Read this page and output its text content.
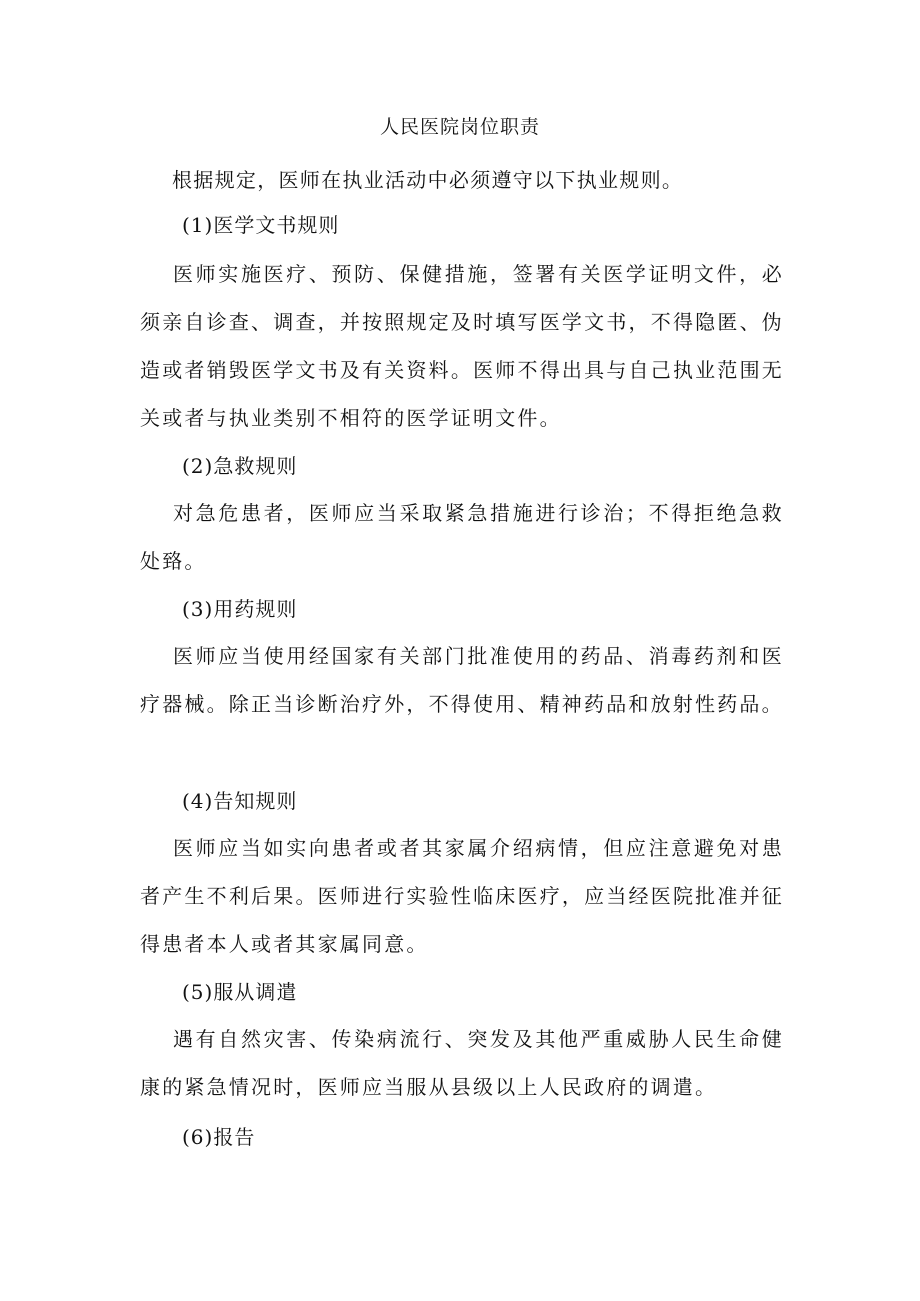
人民医院岗位职责
根据规定，医师在执业活动中必须遵守以下执业规则。
(1)医学文书规则
医师实施医疗、预防、保健措施，签署有关医学证明文件，必须亲自诊查、调查，并按照规定及时填写医学文书，不得隐匿、伪造或者销毁医学文书及有关资料。医师不得出具与自己执业范围无关或者与执业类别不相符的医学证明文件。
(2)急救规则
对急危患者，医师应当采取紧急措施进行诊治；不得拒绝急救处臵。
(3)用药规则
医师应当使用经国家有关部门批准使用的药品、消毒药剂和医疗器械。除正当诊断治疗外，不得使用、精神药品和放射性药品。
(4)告知规则
医师应当如实向患者或者其家属介绍病情，但应注意避免对患者产生不利后果。医师进行实验性临床医疗，应当经医院批准并征得患者本人或者其家属同意。
(5)服从调遣
遇有自然灾害、传染病流行、突发及其他严重威胁人民生命健康的紧急情况时，医师应当服从县级以上人民政府的调遣。
(6)报告
